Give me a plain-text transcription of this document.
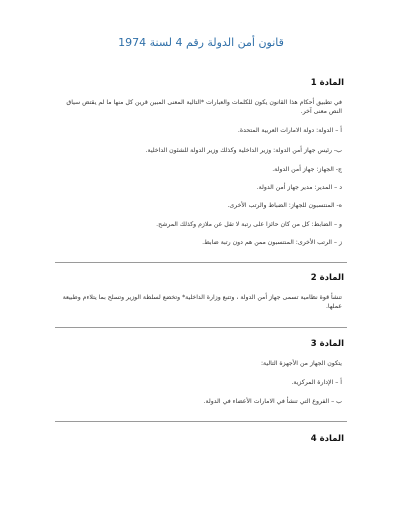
قانون أمن الدولة رقم 4 لسنة 1974
المادة 1
في تطبيق أحكام هذا القانون يكون للكلمات والعبارات *التالية المعنى المبين قرين كل منها ما لم يقتض سياق النص معنى آخر.
أ – الدولة: دولة الامارات العربية المتحدة.
ب- رئيس جهاز أمن الدولة: وزير الداخلية وكذلك وزير الدولة للشئون الداخلية.
ج- الجهاز: جهاز أمن الدولة.
د – المدير: مدير جهاز أمن الدولة.
ه- المنتسبون للجهاز: الضباط والرتب الأخرى.
و – الضابط: كل من كان حائزا على رتبة لا تقل عن ملازم وكذلك المرشح.
ز – الرتب الأخرى: المنتسبون ممن هم دون رتبة ضابط.
المادة 2
تنشأ قوة نظامية تسمى جهاز أمن الدولة ، وتتبع وزارة الداخلية* وتخضع لسلطة الوزير وتسلح بما يتلاءم وطبيعة عملها.
المادة 3
يتكون الجهاز من الأجهزة التالية:
أ – الإدارة المركزية.
ب – الفروع التي تنشأ في الامارات الأعضاء في الدولة.
المادة 4
